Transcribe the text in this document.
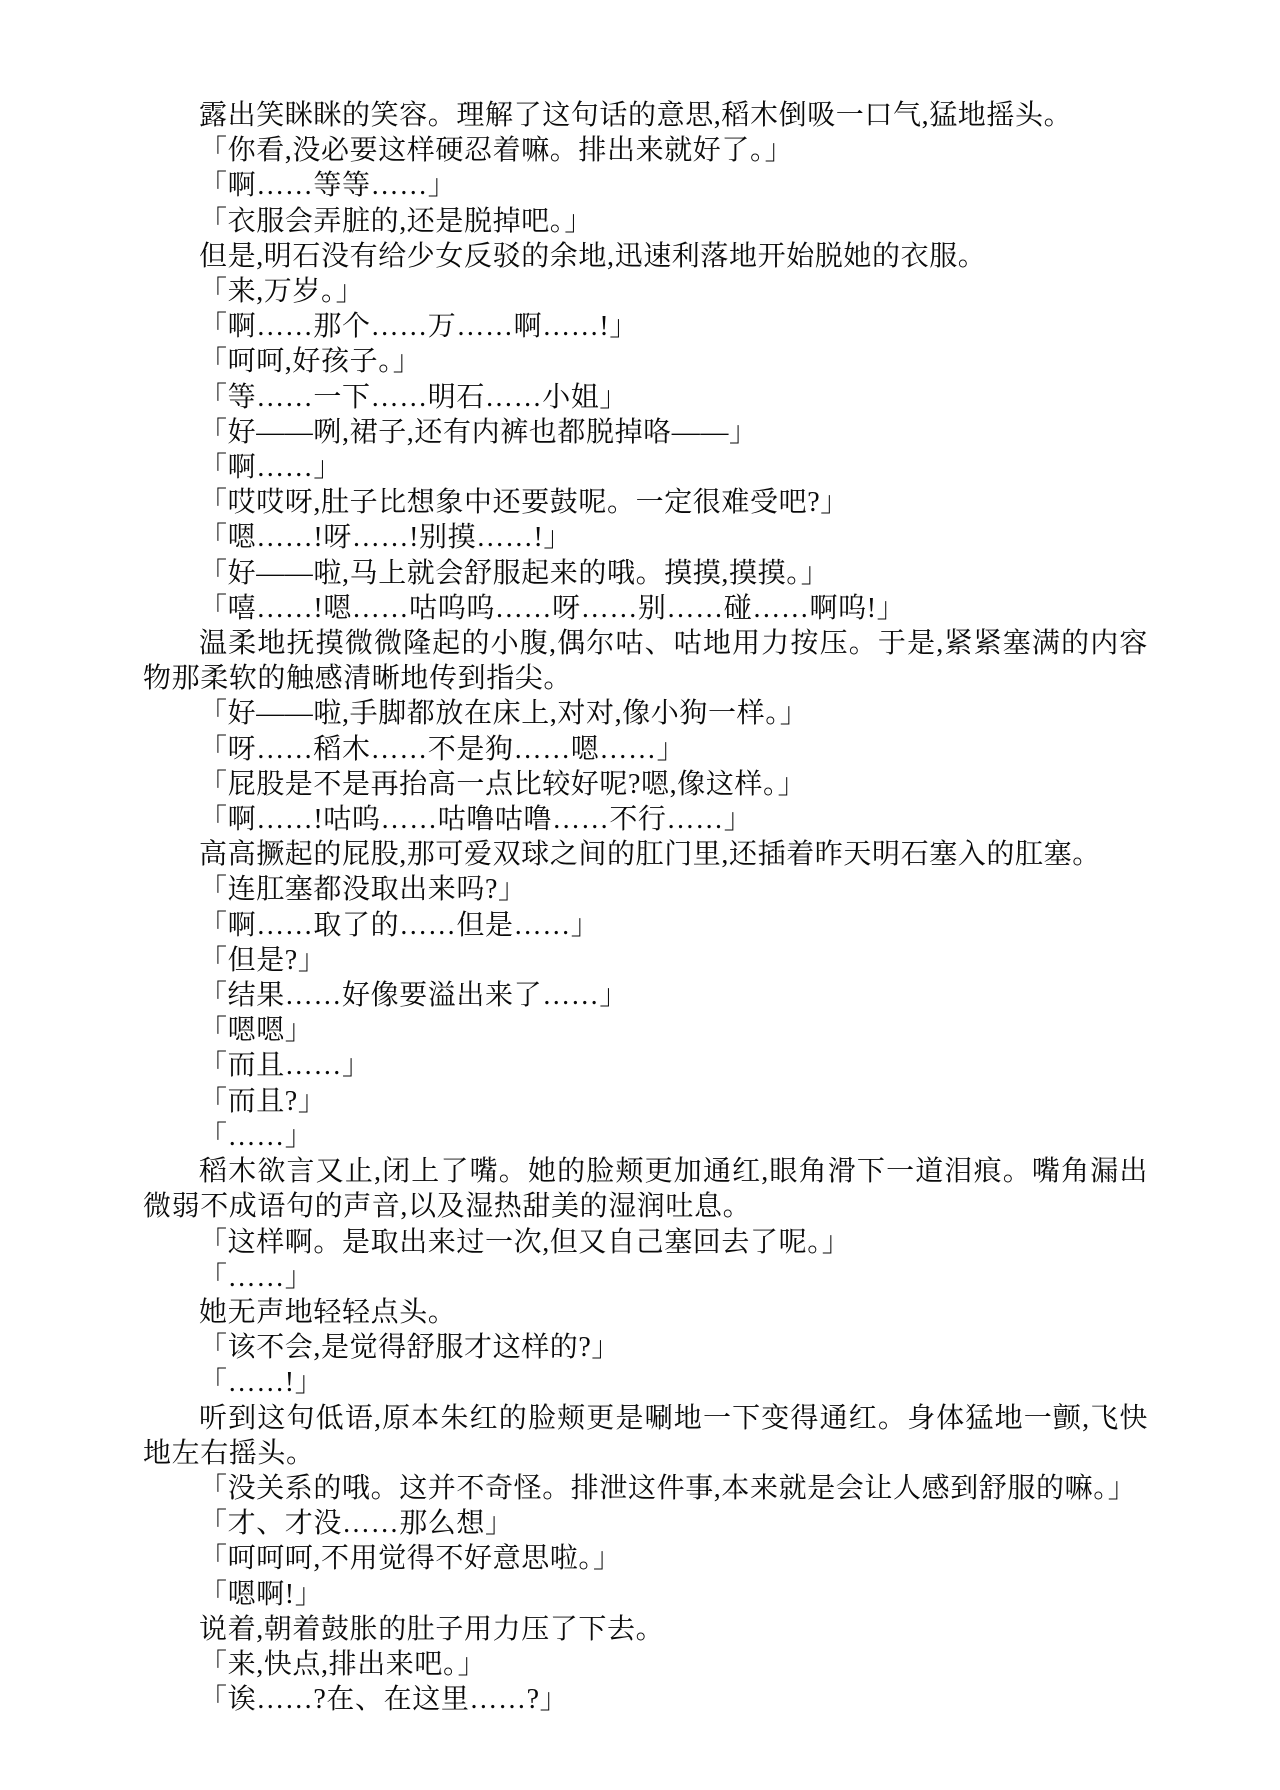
露出笑眯眯的笑容。理解了这句话的意思,稻木倒吸一口气,猛地摇头。

「你看,没必要这样硬忍着嘛。排出来就好了。」

「啊……等等……」

「衣服会弄脏的,还是脱掉吧。」

但是,明石没有给少女反驳的余地,迅速利落地开始脱她的衣服。

「来,万岁。」

「啊……那个……万……啊……!」

「呵呵,好孩子。」

「等……一下……明石……小姐」

「好——咧,裙子,还有内裤也都脱掉咯——」

「啊……」

「哎哎呀,肚子比想象中还要鼓呢。一定很难受吧?」

「嗯……!呀……!别摸……!」

「好——啦,马上就会舒服起来的哦。摸摸,摸摸。」

「嘻……!嗯……咕呜呜……呀……别……碰……啊呜!」

温柔地抚摸微微隆起的小腹,偶尔咕、咕地用力按压。于是,紧紧塞满的内容物那柔软的触感清晰地传到指尖。

「好——啦,手脚都放在床上,对对,像小狗一样。」

「呀……稻木……不是狗……嗯……」

「屁股是不是再抬高一点比较好呢?嗯,像这样。」

「啊……!咕呜……咕噜咕噜……不行……」

高高撅起的屁股,那可爱双球之间的肛门里,还插着昨天明石塞入的肛塞。

「连肛塞都没取出来吗?」

「啊……取了的……但是……」

「但是?」

「结果……好像要溢出来了……」

「嗯嗯」

「而且……」

「而且?」

「……」

稻木欲言又止,闭上了嘴。她的脸颊更加通红,眼角滑下一道泪痕。嘴角漏出微弱不成语句的声音,以及湿热甜美的湿润吐息。

「这样啊。是取出来过一次,但又自己塞回去了呢。」

「……」

她无声地轻轻点头。

「该不会,是觉得舒服才这样的?」

「……!」

听到这句低语,原本朱红的脸颊更是唰地一下变得通红。身体猛地一颤,飞快地左右摇头。

「没关系的哦。这并不奇怪。排泄这件事,本来就是会让人感到舒服的嘛。」

「才、才没……那么想」

「呵呵呵,不用觉得不好意思啦。」

「嗯啊!」

说着,朝着鼓胀的肚子用力压了下去。

「来,快点,排出来吧。」

「诶……?在、在这里……?」
